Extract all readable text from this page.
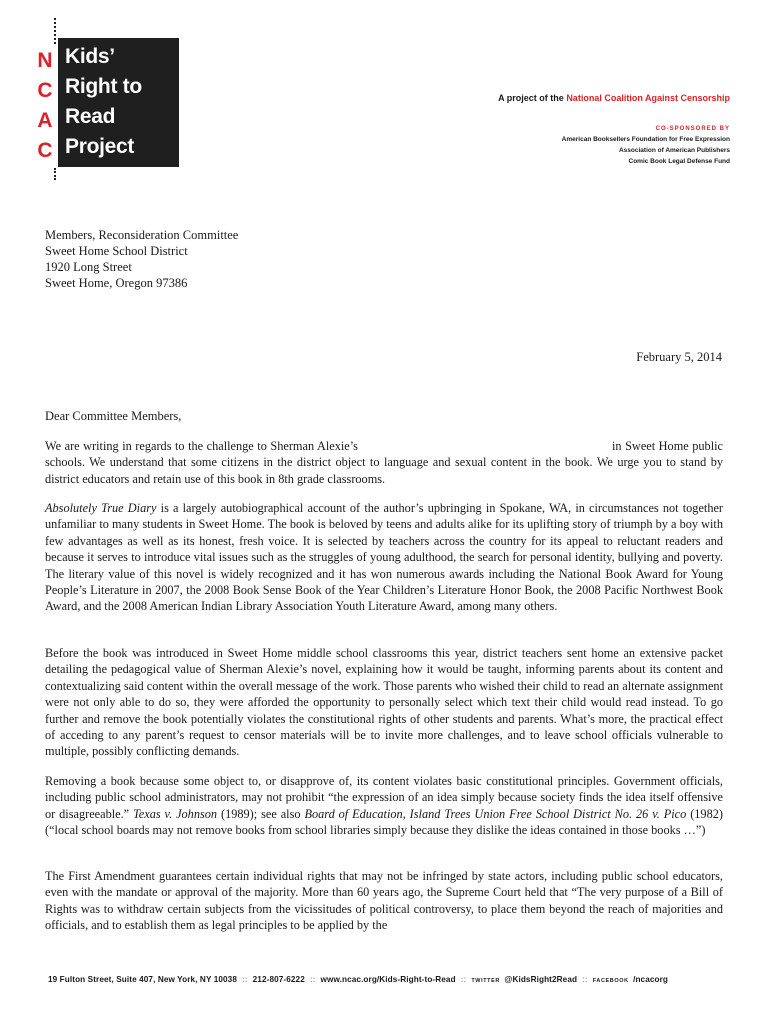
N
C
A
C
Kids’
Right to
Read
Project
A project of the National Coalition Against Censorship
CO-SPONSORED BY
American Booksellers Foundation for Free Expression
Association of American Publishers
Comic Book Legal Defense Fund
Members, Reconsideration Committee
Sweet Home School District
1920 Long Street
Sweet Home, Oregon 97386
February 5, 2014
Dear Committee Members,
We are writing in regards to the challenge to Sherman Alexie’s	in Sweet Home public schools. We understand that some citizens in the district object to language and sexual content in the book. We urge you to stand by district educators and retain use of this book in 8th grade classrooms.
Absolutely True Diary is a largely autobiographical account of the author’s upbringing in Spokane, WA, in circumstances not together unfamiliar to many students in Sweet Home. The book is beloved by teens and adults alike for its uplifting story of triumph by a boy with few advantages as well as its honest, fresh voice. It is selected by teachers across the country for its appeal to reluctant readers and because it serves to introduce vital issues such as the struggles of young adulthood, the search for personal identity, bullying and poverty. The literary value of this novel is widely recognized and it has won numerous awards including the National Book Award for Young People’s Literature in 2007, the 2008 Book Sense Book of the Year Children’s Literature Honor Book, the 2008 Pacific Northwest Book Award, and the 2008 American Indian Library Association Youth Literature Award, among many others.
Before the book was introduced in Sweet Home middle school classrooms this year, district teachers sent home an extensive packet detailing the pedagogical value of Sherman Alexie’s novel, explaining how it would be taught, informing parents about its content and contextualizing said content within the overall message of the work. Those parents who wished their child to read an alternate assignment were not only able to do so, they were afforded the opportunity to personally select which text their child would read instead. To go further and remove the book potentially violates the constitutional rights of other students and parents. What’s more, the practical effect of acceding to any parent’s request to censor materials will be to invite more challenges, and to leave school officials vulnerable to multiple, possibly conflicting demands.
Removing a book because some object to, or disapprove of, its content violates basic constitutional principles. Government officials, including public school administrators, may not prohibit “the expression of an idea simply because society finds the idea itself offensive or disagreeable.” Texas v. Johnson (1989); see also Board of Education, Island Trees Union Free School District No. 26 v. Pico (1982) (“local school boards may not remove books from school libraries simply because they dislike the ideas contained in those books …”)
The First Amendment guarantees certain individual rights that may not be infringed by state actors, including public school educators, even with the mandate or approval of the majority. More than 60 years ago, the Supreme Court held that “The very purpose of a Bill of Rights was to withdraw certain subjects from the vicissitudes of political controversy, to place them beyond the reach of majorities and officials, and to establish them as legal principles to be applied by the
19 Fulton Street, Suite 407, New York, NY 10038 :: 212-807-6222 :: www.ncac.org/Kids-Right-to-Read :: TWITTER @KidsRight2Read :: FACEBOOK /ncacorg
